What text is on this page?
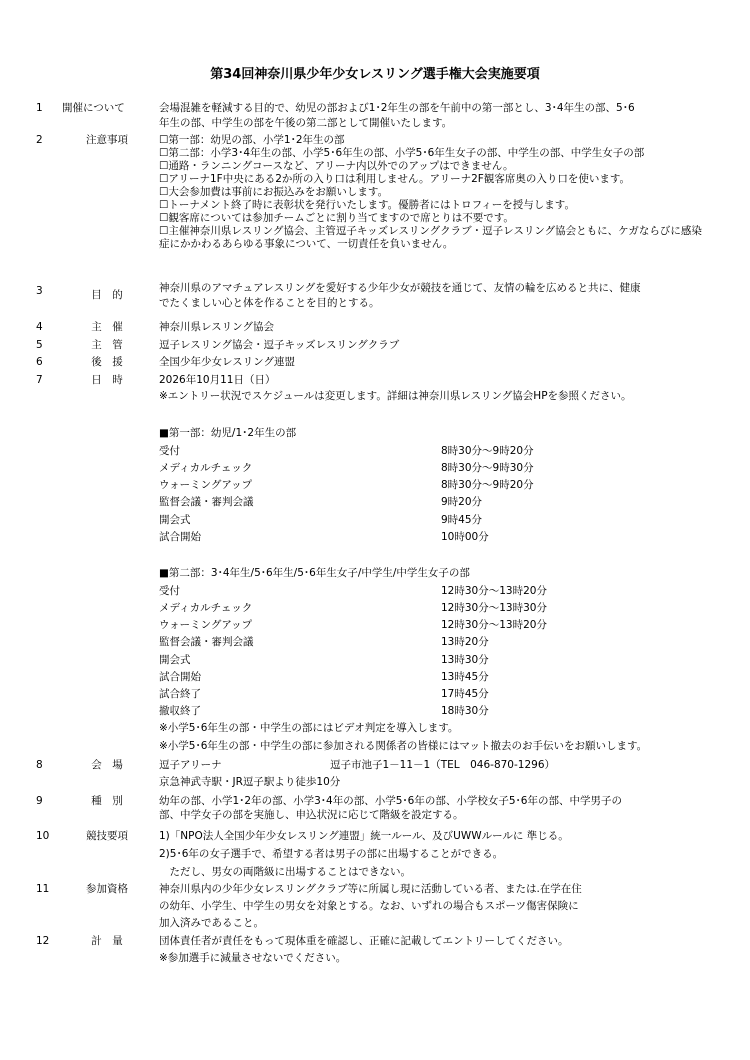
第34回神奈川県少年少女レスリング選手権大会実施要項
1	開催について	会場混雑を軽減する目的で、幼児の部および1･2年生の部を午前中の第一部とし、3･4年生の部、5･6
年生の部、中学生の部を午後の第二部として開催いたします。
2	注意事項	☐第一部：幼児の部、小学1･2年生の部
☐第二部：小学3･4年生の部、小学5･6年生の部、小学5･6年生女子の部、中学生の部、中学生女子の部
☐通路・ランニングコースなど、アリーナ内以外でのアップはできません。
☐アリーナ1F中央にある2か所の入り口は利用しません。アリーナ2F観客席奥の入り口を使います。
☐大会参加費は事前にお振込みをお願いします。
☐トーナメント終了時に表彰状を発行いたします。優勝者にはトロフィーを授与します。
☐観客席については参加チームごとに割り当てますので席とりは不要です。
☐主催神奈川県レスリング協会、主管逗子キッズレスリングクラブ・逗子レスリング協会ともに、ケガならびに感染
症にかかわるあらゆる事象について、一切責任を負いません。
3	目　的
神奈川県のアマチュアレスリングを愛好する少年少女が競技を通じて、友情の輪を広めると共に、健康
でたくましい心と体を作ることを目的とする。
4	主　催	神奈川県レスリング協会
5	主　管	逗子レスリング協会・逗子キッズレスリングクラブ
6	後　援	全国少年少女レスリング連盟
7	日　時	2026年10月11日（日）
※エントリー状況でスケジュールは変更します。詳細は神奈川県レスリング協会HPを参照ください。
■第一部：幼児/1･2年生の部
受付	8時30分～9時20分
メディカルチェック	8時30分～9時30分
ウォーミングアップ	8時30分～9時20分
監督会議・審判会議	9時20分
開会式	9時45分
試合開始	10時00分
■第二部：3･4年生/5･6年生/5･6年生女子/中学生/中学生女子の部
受付	12時30分～13時20分
メディカルチェック	12時30分～13時30分
ウォーミングアップ	12時30分～13時20分
監督会議・審判会議	13時20分
開会式	13時30分
試合開始	13時45分
試合終了	17時45分
撤収終了	18時30分
※小学5･6年生の部・中学生の部にはビデオ判定を導入します。
※小学5･6年生の部・中学生の部に参加される関係者の皆様にはマット撤去のお手伝いをお願いします。
8	会　場	逗子アリーナ	逗子市池子1－11－1（TEL　046-870-1296）
京急神武寺駅・JR逗子駅より徒歩10分
9	種　別	幼年の部、小学1･2年の部、小学3･4年の部、小学5･6年の部、小学校女子5･6年の部、中学男子の
部、中学女子の部を実施し、申込状況に応じて階級を設定する。
10	競技要項	1)「NPO法人全国少年少女レスリング連盟」統一ルール、及びUWWルールに 準じる。
2)5･6年の女子選手で、希望する者は男子の部に出場することができる。
　ただし、男女の両階級に出場することはできない。
11	参加資格	神奈川県内の少年少女レスリングクラブ等に所属し現に活動している者、または.在学在住
の幼年、小学生、中学生の男女を対象とする。なお、いずれの場合もスポーツ傷害保険に
加入済みであること。
12	計　量	団体責任者が責任をもって現体重を確認し、正確に記載してエントリーしてください。
※参加選手に減量させないでください。
